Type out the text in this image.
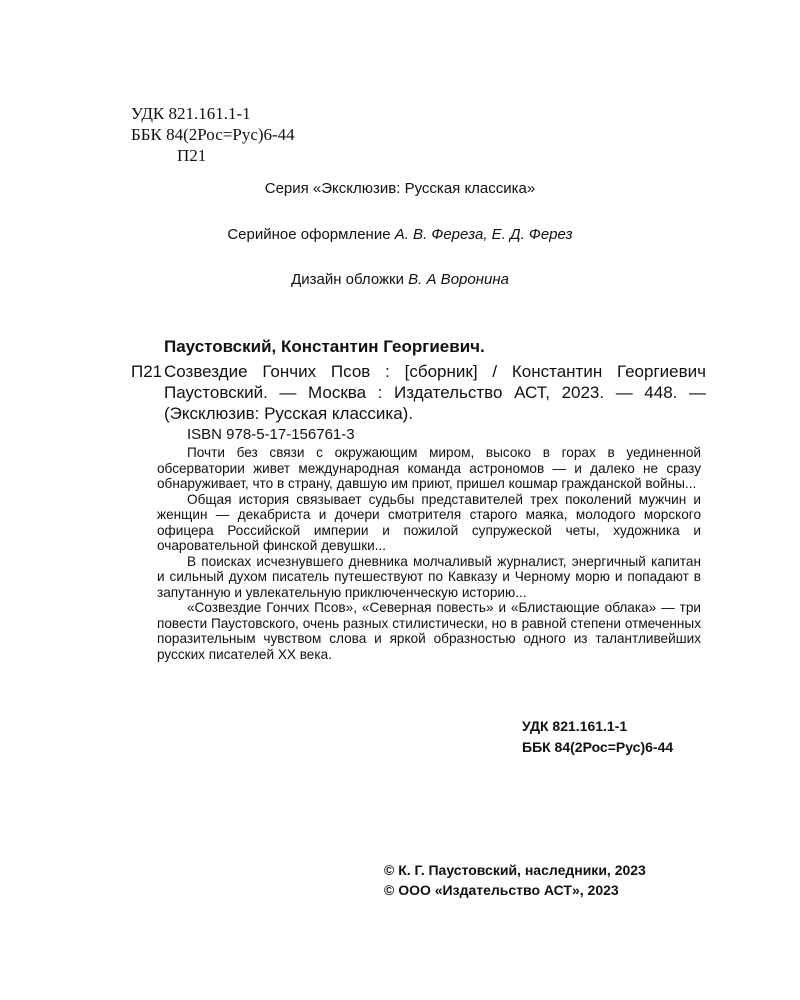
УДК 821.161.1-1
ББК 84(2Рос=Рус)6-44
П21
Серия «Эксклюзив: Русская классика»
Серийное оформление А. В. Фереза, Е. Д. Ферез
Дизайн обложки В. А Воронина
Паустовский, Константин Георгиевич.
П21 Созвездие Гончих Псов : [сборник] / Константин Георгиевич Паустовский. — Москва : Издательство АСТ, 2023. — 448. — (Эксклюзив: Русская классика).
ISBN 978-5-17-156761-3

Почти без связи с окружающим миром, высоко в горах в уединенной обсерватории живет международная команда астрономов — и далеко не сразу обнаруживает, что в страну, давшую им приют, пришел кошмар гражданской войны...

Общая история связывает судьбы представителей трех поколений мужчин и женщин — декабриста и дочери смотрителя старого маяка, молодого морского офицера Российской империи и пожилой супружеской четы, художника и очаровательной финской девушки...

В поисках исчезнувшего дневника молчаливый журналист, энергичный капитан и сильный духом писатель путешествуют по Кавказу и Черному морю и попадают в запутанную и увлекательную приключенческую историю...

«Созвездие Гончих Псов», «Северная повесть» и «Блистающие облака» — три повести Паустовского, очень разных стилистически, но в равной степени отмеченных поразительным чувством слова и яркой образностью одного из талантливейших русских писателей XX века.

УДК 821.161.1-1
ББК 84(2Рос=Рус)6-44
© К. Г. Паустовский, наследники, 2023
© ООО «Издательство АСТ», 2023
